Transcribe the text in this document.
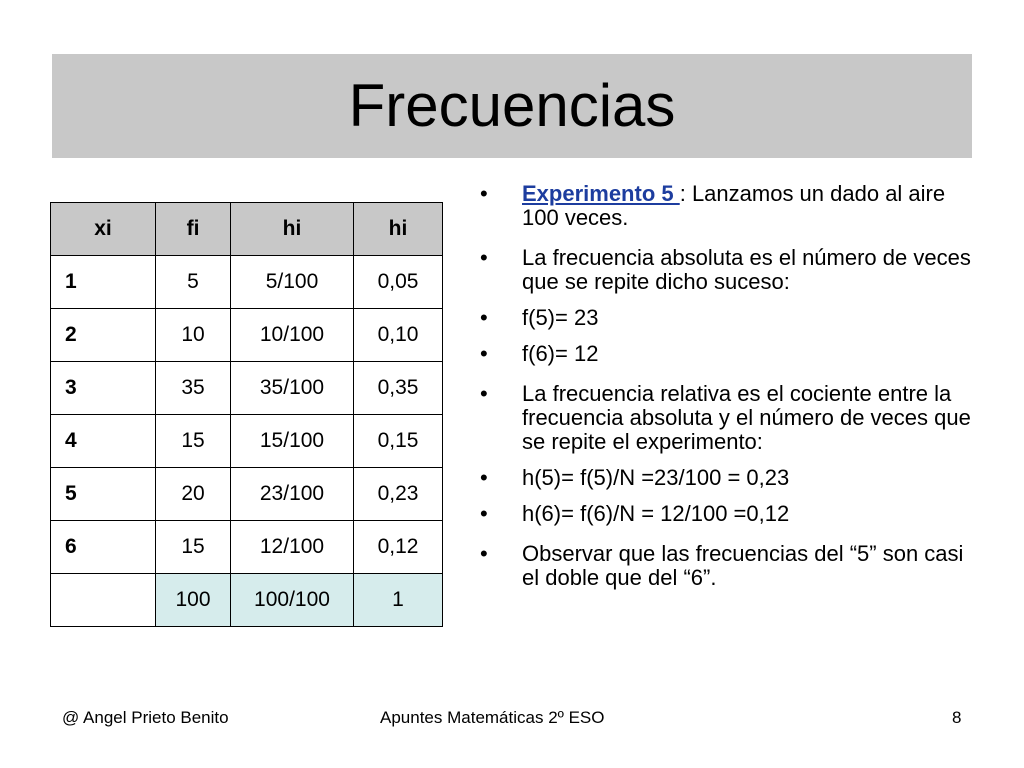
Frecuencias
xi	fi	hi	hi
1	5	5/100	0,05
2	10	10/100	0,10
3	35	35/100	0,35
4	15	15/100	0,15
5	20	23/100	0,23
6	15	12/100	0,12
	100	100/100	1
• Experimento 5 : Lanzamos un dado al aire 100 veces.
• La frecuencia absoluta es el número de veces que se repite dicho suceso:
• f(5)= 23
• f(6)= 12
• La frecuencia relativa es el cociente entre la frecuencia absoluta y el número de veces que se repite el experimento:
• h(5)= f(5)/N =23/100 = 0,23
• h(6)= f(6)/N = 12/100 =0,12
• Observar que las frecuencias del “5” son casi el doble que del “6”.
@ Angel Prieto Benito	Apuntes Matemáticas 2º ESO	8
